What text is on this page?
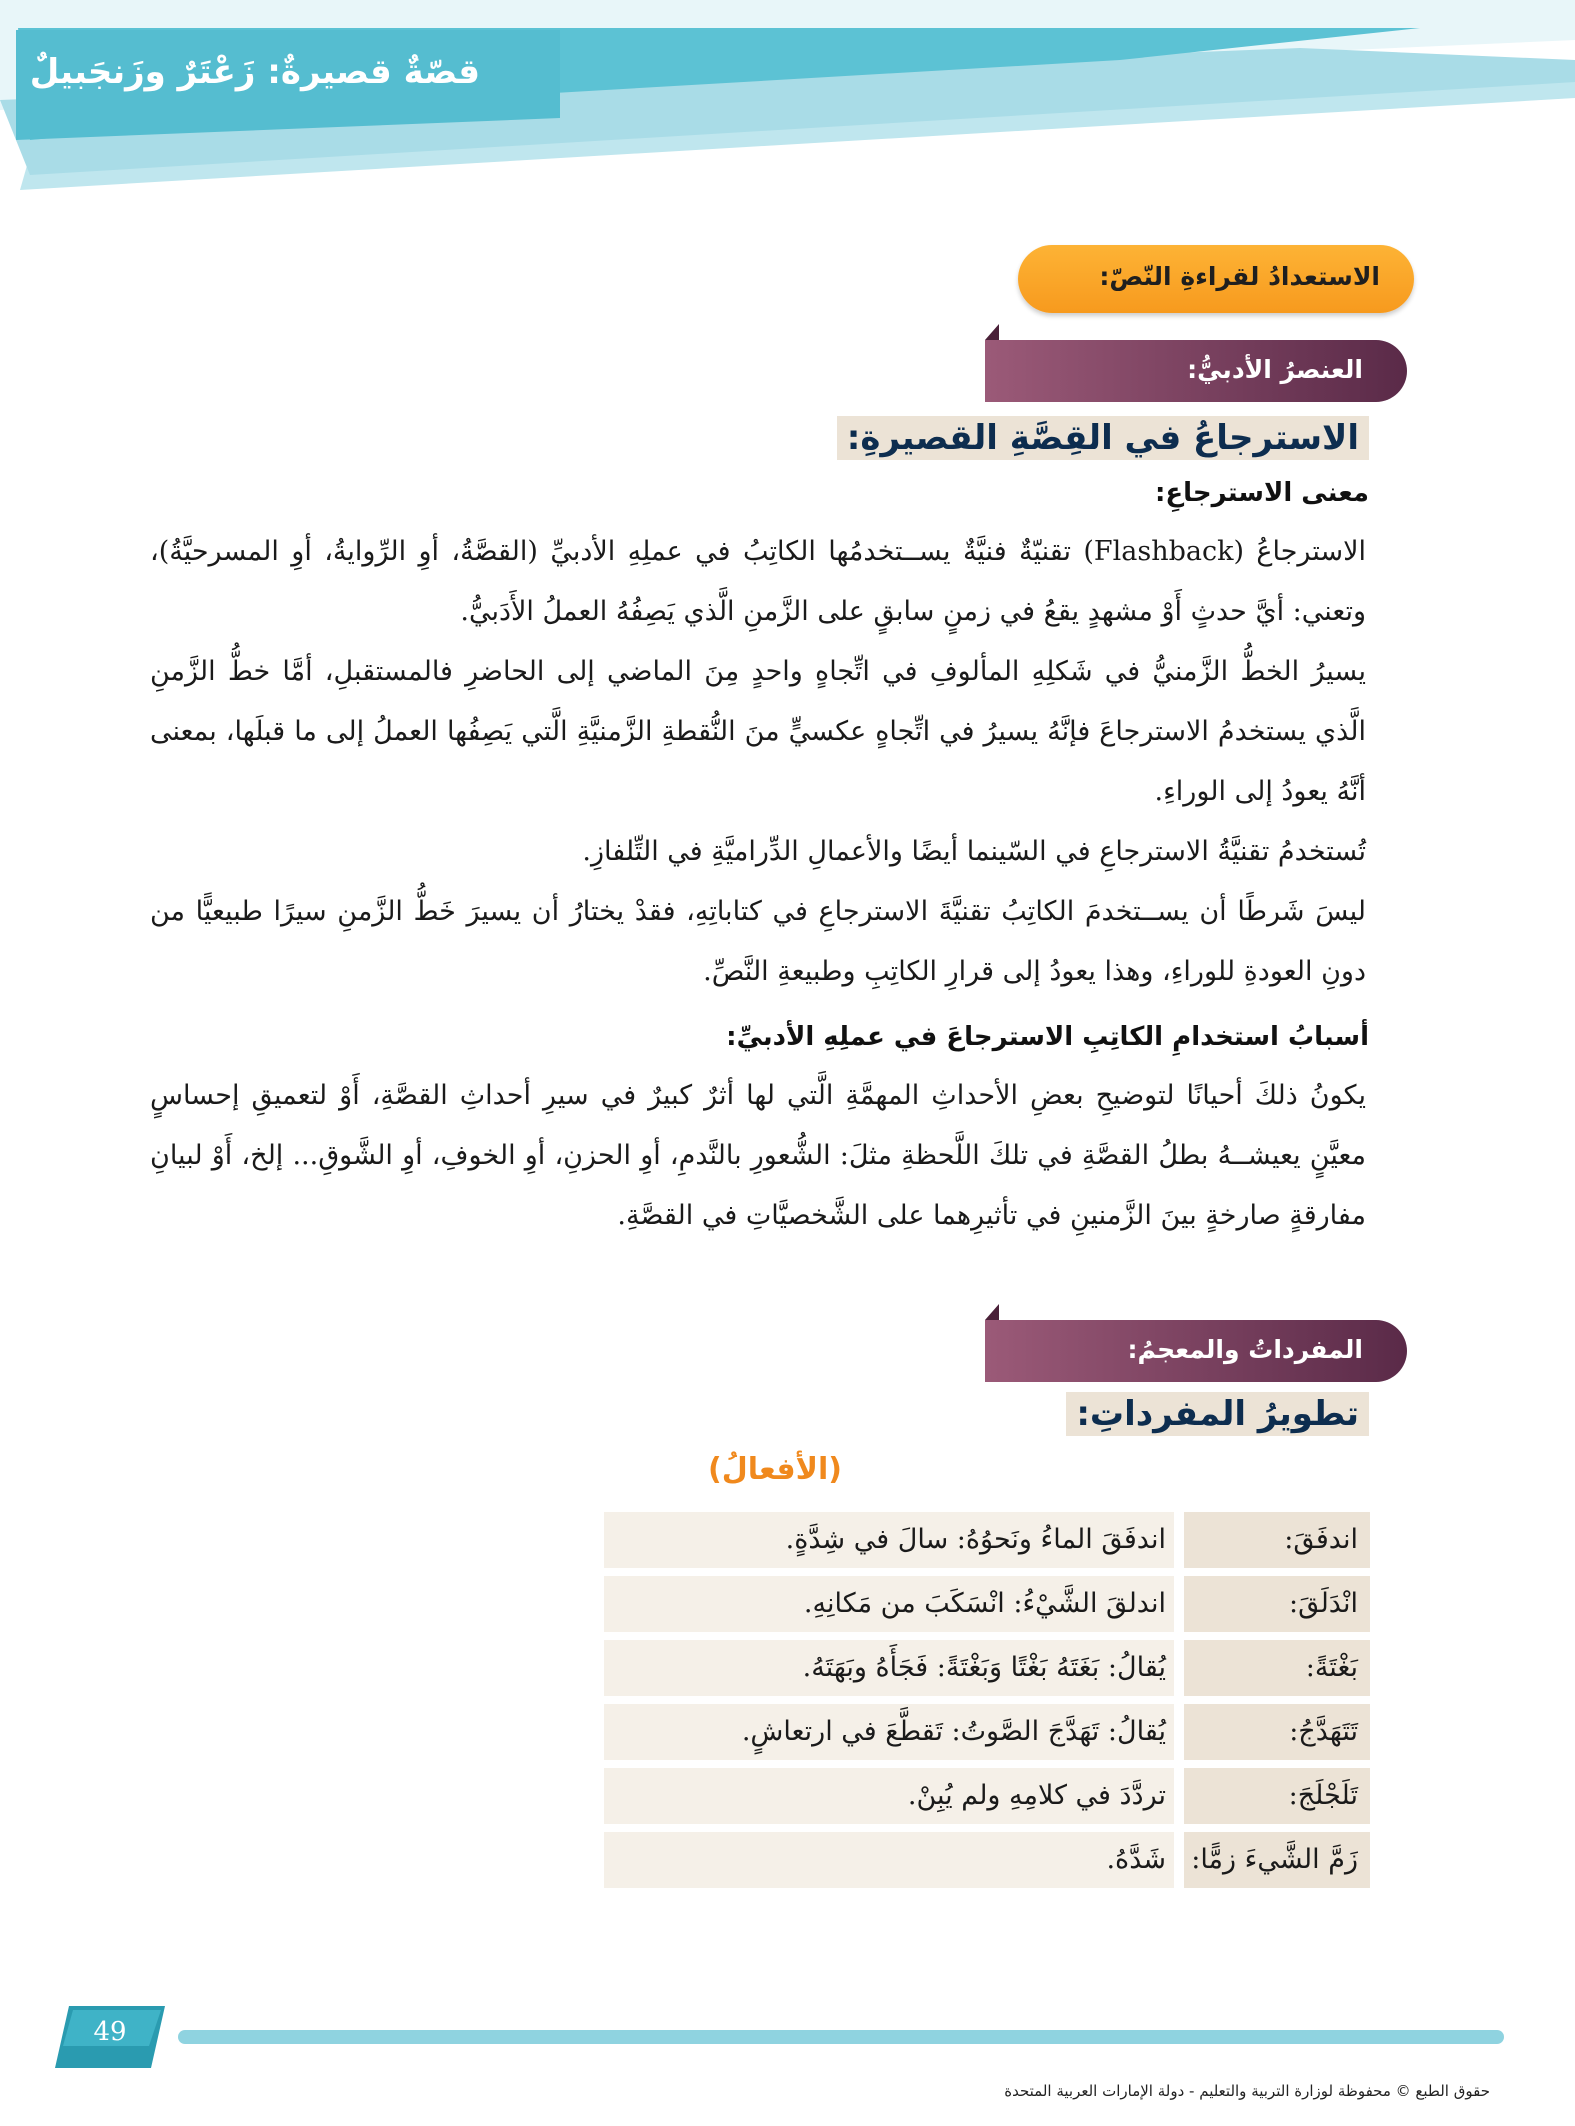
قصّةٌ قصيرةٌ: زَعْتَرٌ وزَنجَبيلٌ
الاستعدادُ لقراءةِ النّصّ:
العنصرُ الأدبيُّ:
الاسترجاعُ في القِصَّةِ القصيرةِ:
معنى الاسترجاعِ:

الاسترجاعُ (Flashback) تقنيّةٌ فنيَّةٌ يســتخدمُها الكاتِبُ في عملِهِ الأدبيِّ (القصَّةُ، أوِ الرِّوايةُ، أوِ المسرحيَّةُ)، وتعني: أيَّ حدثٍ أَوْ مشهدٍ يقعُ في زمنٍ سابقٍ على الزَّمنِ الَّذي يَصِفُهُ العملُ الأَدَبيُّ.

يسيرُ الخطُّ الزَّمنيُّ في شَكلِهِ المألوفِ في اتِّجاهٍ واحدٍ مِنَ الماضي إلى الحاضرِ فالمستقبلِ، أمَّا خطُّ الزَّمنِ الَّذي يستخدمُ الاسترجاعَ فإنَّهُ يسيرُ في اتِّجاهٍ عكسيٍّ منَ النُّقطةِ الزَّمنيَّةِ الَّتي يَصِفُها العملُ إلى ما قبلَها، بمعنى أنَّهُ يعودُ إلى الوراءِ.

تُستخدمُ تقنيَّةُ الاسترجاعِ في السّينما أيضًا والأعمالِ الدِّراميَّةِ في التِّلفازِ.

ليسَ شَرطًا أن يســتخدمَ الكاتِبُ تقنيَّةَ الاسترجاعِ في كتاباتِهِ، فقدْ يختارُ أن يسيرَ خَطُّ الزَّمنِ سيرًا طبيعيًّا من دونِ العودةِ للوراءِ، وهذا يعودُ إلى قرارِ الكاتِبِ وطبيعةِ النَّصِّ.

أسبابُ استخدامِ الكاتِبِ الاسترجاعَ في عملِهِ الأدبيِّ:

يكونُ ذلكَ أحيانًا لتوضيحِ بعضِ الأحداثِ المهمَّةِ الَّتي لها أثرٌ كبيرٌ في سيرِ أحداثِ القصَّةِ، أَوْ لتعميقِ إحساسٍ معيَّنٍ يعيشــهُ بطلُ القصَّةِ في تلكَ اللَّحظةِ مثلَ: الشُّعورِ بالنَّدمِ، أوِ الحزنِ، أوِ الخوفِ، أوِ الشَّوقِ... إلخ، أَوْ لبيانِ مفارقةٍ صارخةٍ بينَ الزَّمنينِ في تأثيرِهما على الشَّخصيَّاتِ في القصَّةِ.

المفرداتُ والمعجمُ:
تطويرُ المفرداتِ:
(الأفعالُ)
اندفَقَ:
اندفَقَ الماءُ ونَحوُهُ: سالَ في شِدَّةٍ.
انْدَلَقَ:
اندلقَ الشَّيْءُ: انْسَكَبَ من مَكانِهِ.
بَغْتَةً:
يُقالُ: بَغَتَهُ بَغْتًا وَبَغْتَةً: فَجَأَهُ وبَهَتَهُ.
تَتَهَدَّجُ:
يُقالُ: تَهَدَّجَ الصَّوتُ: تَقطَّعَ في ارتعاشٍ.
تَلَجْلَجَ:
تردَّدَ في كلامِهِ ولم يُبِنْ.
زَمَّ الشَّيءَ زمًّا:
شَدَّهُ.
49
حقوق الطبع © محفوظة لوزارة التربية والتعليم - دولة الإمارات العربية المتحدة
